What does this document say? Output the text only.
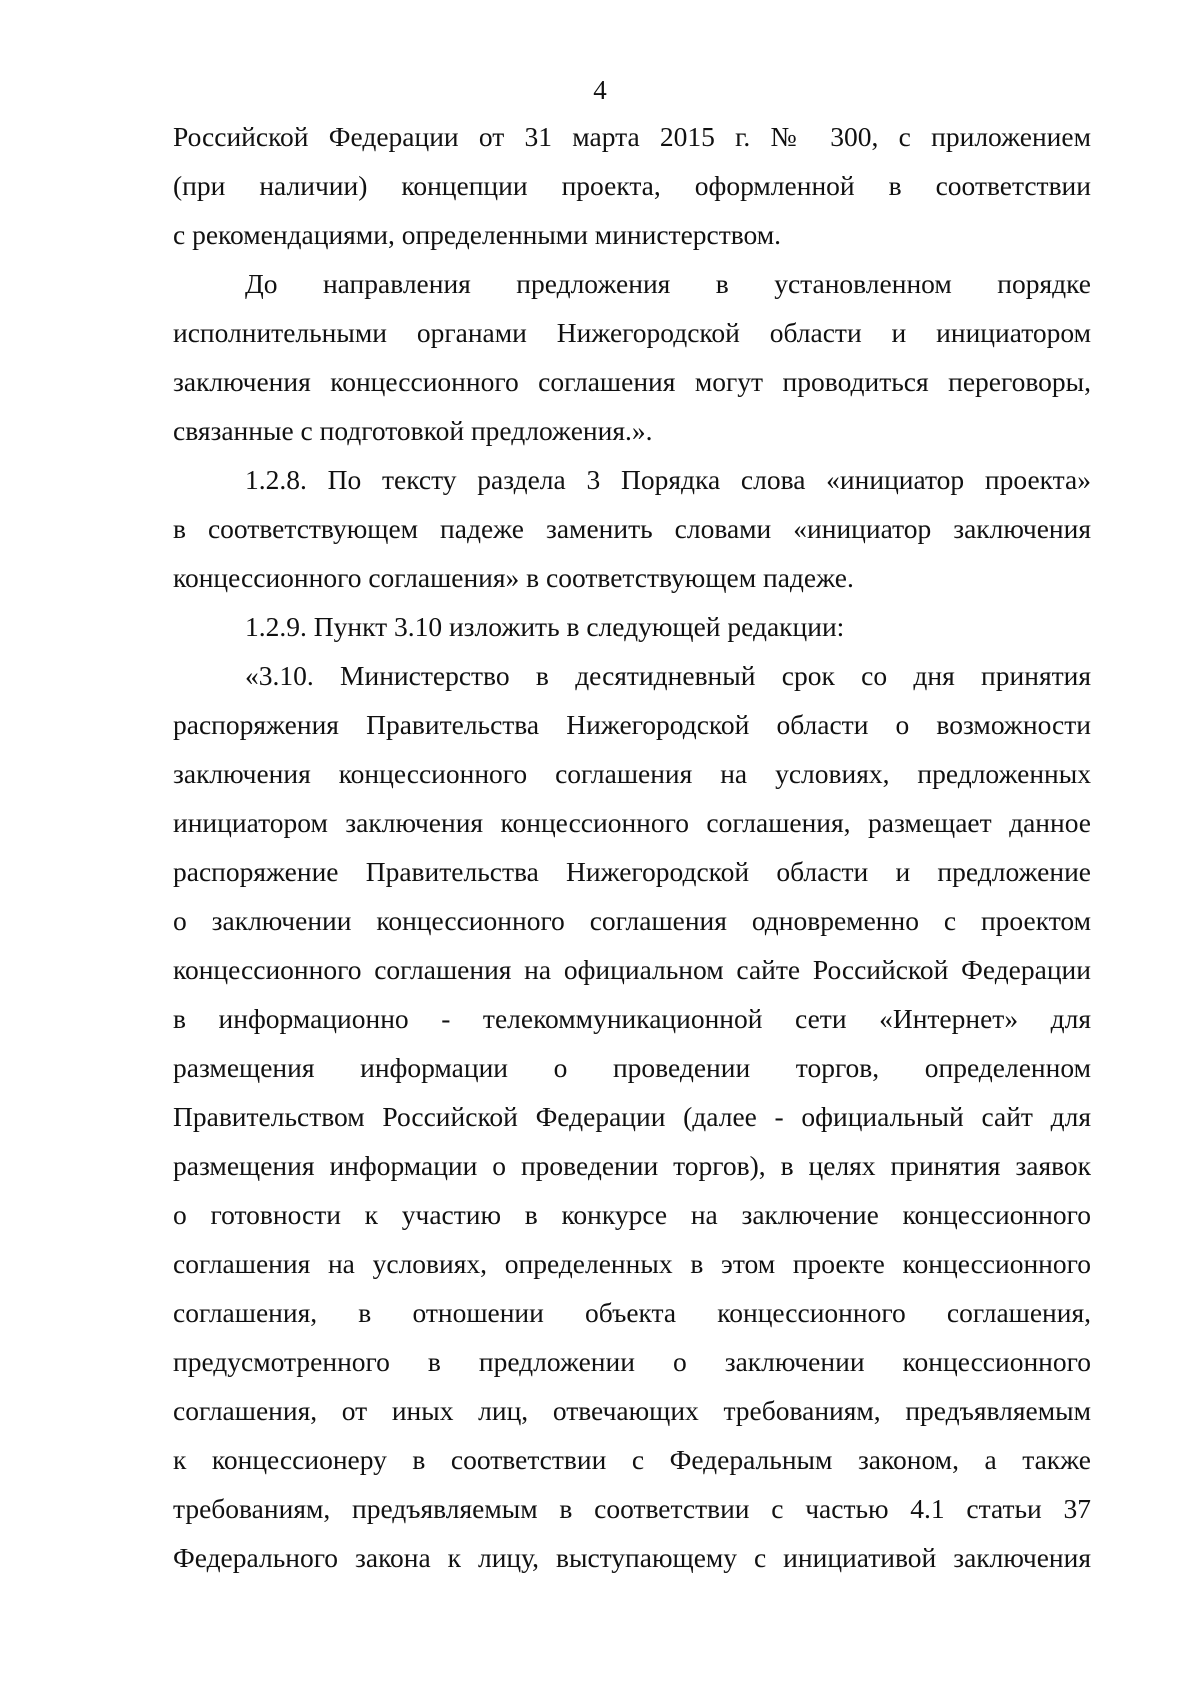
4
Российской Федерации от 31 марта 2015 г. № 300, с приложением
(при наличии) концепции проекта, оформленной в соответствии
с рекомендациями, определенными министерством.
До направления предложения в установленном порядке
исполнительными органами Нижегородской области и инициатором
заключения концессионного соглашения могут проводиться переговоры,
связанные с подготовкой предложения.».
1.2.8. По тексту раздела 3 Порядка слова «инициатор проекта»
в соответствующем падеже заменить словами «инициатор заключения
концессионного соглашения» в соответствующем падеже.
1.2.9. Пункт 3.10 изложить в следующей редакции:
«3.10. Министерство в десятидневный срок со дня принятия
распоряжения Правительства Нижегородской области о возможности
заключения концессионного соглашения на условиях, предложенных
инициатором заключения концессионного соглашения, размещает данное
распоряжение Правительства Нижегородской области и предложение
о заключении концессионного соглашения одновременно с проектом
концессионного соглашения на официальном сайте Российской Федерации
в информационно - телекоммуникационной сети «Интернет» для
размещения информации о проведении торгов, определенном
Правительством Российской Федерации (далее - официальный сайт для
размещения информации о проведении торгов), в целях принятия заявок
о готовности к участию в конкурсе на заключение концессионного
соглашения на условиях, определенных в этом проекте концессионного
соглашения, в отношении объекта концессионного соглашения,
предусмотренного в предложении о заключении концессионного
соглашения, от иных лиц, отвечающих требованиям, предъявляемым
к концессионеру в соответствии с Федеральным законом, а также
требованиям, предъявляемым в соответствии с частью 4.1 статьи 37
Федерального закона к лицу, выступающему с инициативой заключения
